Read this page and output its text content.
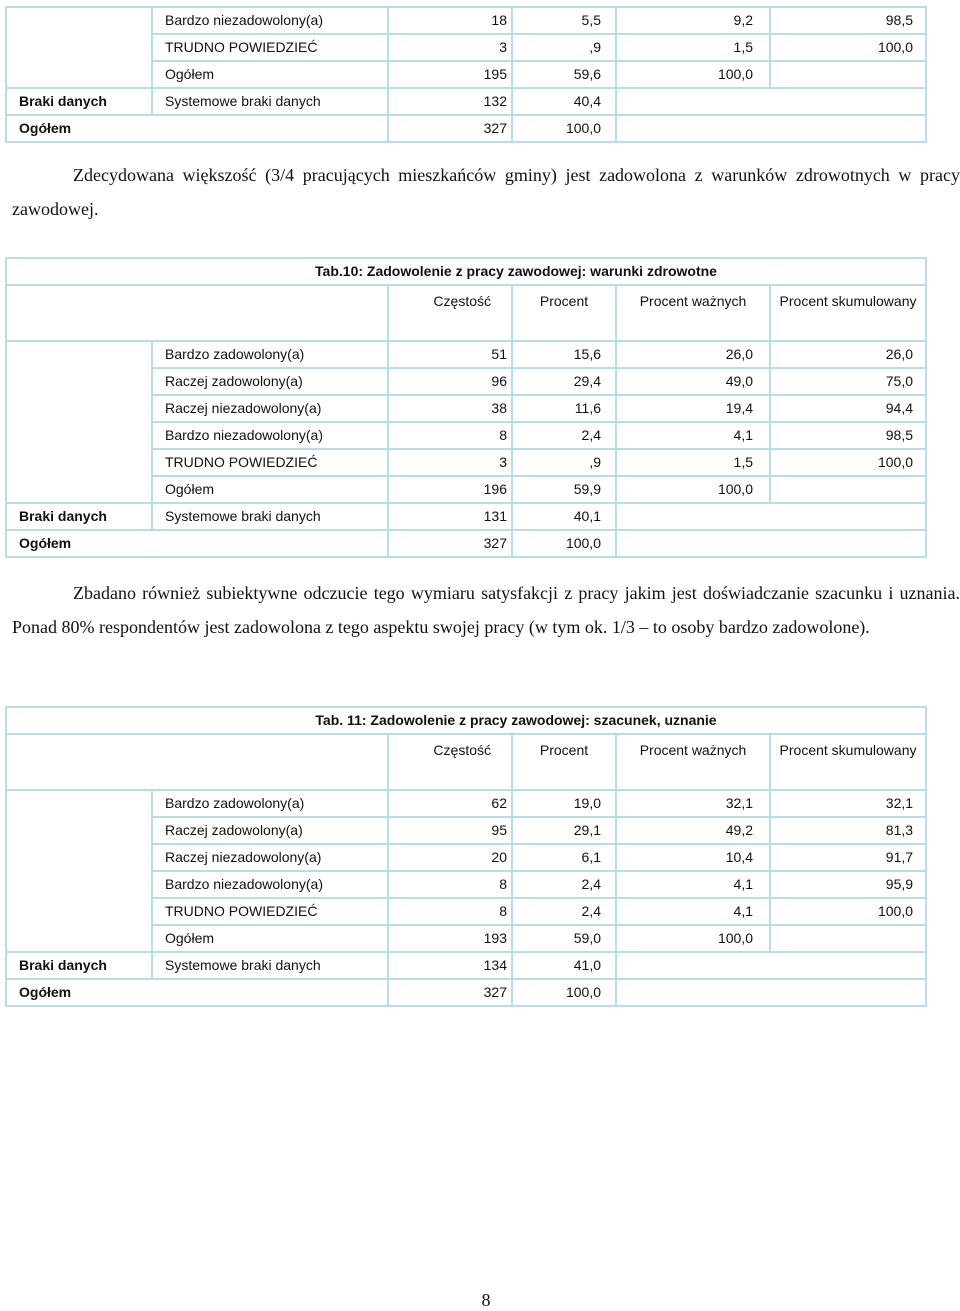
	Bardzo niezadowolony(a)	18	5,5	9,2	98,5
	TRUDNO POWIEDZIEĆ	3	,9	1,5	100,0
	Ogółem	195	59,6	100,0	
Braki danych	Systemowe braki danych	132	40,4		
Ogółem		327	100,0		

Zdecydowana większość (3/4 pracujących mieszkańców gminy) jest zadowolona z warunków zdrowotnych w pracy zawodowej.

Tab.10: Zadowolenie z pracy zawodowej: warunki zdrowotne					
		Częstość	Procent	Procent ważnych	Procent skumulowany
	Bardzo zadowolony(a)	51	15,6	26,0	26,0
	Raczej zadowolony(a)	96	29,4	49,0	75,0
	Raczej niezadowolony(a)	38	11,6	19,4	94,4
	Bardzo niezadowolony(a)	8	2,4	4,1	98,5
	TRUDNO POWIEDZIEĆ	3	,9	1,5	100,0
	Ogółem	196	59,9	100,0	
Braki danych	Systemowe braki danych	131	40,1		
Ogółem		327	100,0		

Zbadano również subiektywne odczucie tego wymiaru satysfakcji z pracy jakim jest doświadczanie szacunku i uznania. Ponad 80% respondentów jest zadowolona z tego aspektu swojej pracy (w tym ok. 1/3 – to osoby bardzo zadowolone).

Tab. 11: Zadowolenie z pracy zawodowej: szacunek, uznanie					
		Częstość	Procent	Procent ważnych	Procent skumulowany
	Bardzo zadowolony(a)	62	19,0	32,1	32,1
	Raczej zadowolony(a)	95	29,1	49,2	81,3
	Raczej niezadowolony(a)	20	6,1	10,4	91,7
	Bardzo niezadowolony(a)	8	2,4	4,1	95,9
	TRUDNO POWIEDZIEĆ	8	2,4	4,1	100,0
	Ogółem	193	59,0	100,0	
Braki danych	Systemowe braki danych	134	41,0		
Ogółem		327	100,0		
8
